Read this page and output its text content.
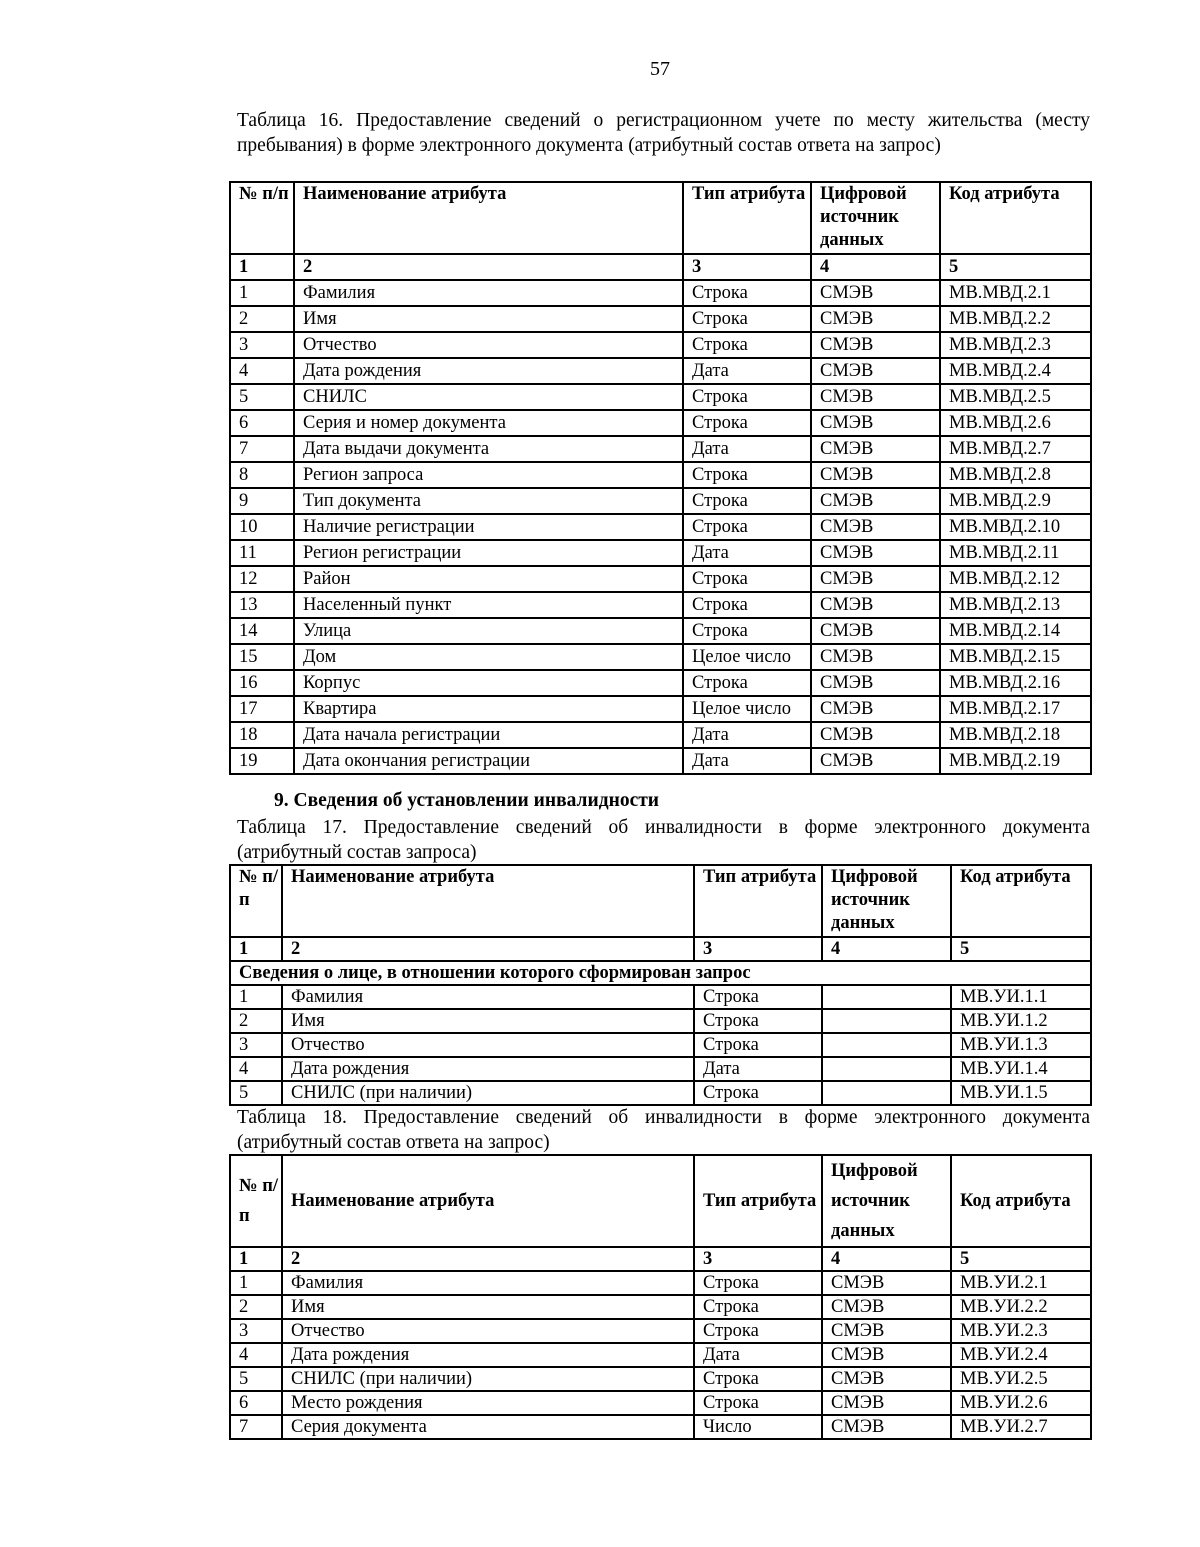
57

Таблица 16. Предоставление сведений о регистрационном учете по месту жительства (месту пребывания) в форме электронного документа (атрибутный состав ответа на запрос)

№ п/п	Наименование атрибута	Тип атрибута	Цифровой источник данных	Код атрибута
1	2	3	4	5
1	Фамилия	Строка	СМЭВ	МВ.МВД.2.1
2	Имя	Строка	СМЭВ	МВ.МВД.2.2
3	Отчество	Строка	СМЭВ	МВ.МВД.2.3
4	Дата рождения	Дата	СМЭВ	МВ.МВД.2.4
5	СНИЛС	Строка	СМЭВ	МВ.МВД.2.5
6	Серия и номер документа	Строка	СМЭВ	МВ.МВД.2.6
7	Дата выдачи документа	Дата	СМЭВ	МВ.МВД.2.7
8	Регион запроса	Строка	СМЭВ	МВ.МВД.2.8
9	Тип документа	Строка	СМЭВ	МВ.МВД.2.9
10	Наличие регистрации	Строка	СМЭВ	МВ.МВД.2.10
11	Регион регистрации	Дата	СМЭВ	МВ.МВД.2.11
12	Район	Строка	СМЭВ	МВ.МВД.2.12
13	Населенный пункт	Строка	СМЭВ	МВ.МВД.2.13
14	Улица	Строка	СМЭВ	МВ.МВД.2.14
15	Дом	Целое число	СМЭВ	МВ.МВД.2.15
16	Корпус	Строка	СМЭВ	МВ.МВД.2.16
17	Квартира	Целое число	СМЭВ	МВ.МВД.2.17
18	Дата начала регистрации	Дата	СМЭВ	МВ.МВД.2.18
19	Дата окончания регистрации	Дата	СМЭВ	МВ.МВД.2.19

9. Сведения об установлении инвалидности

Таблица 17. Предоставление сведений об инвалидности в форме электронного документа (атрибутный состав запроса)

№ п/п	Наименование атрибута	Тип атрибута	Цифровой источник данных	Код атрибута
1	2	3	4	5
Сведения о лице, в отношении которого сформирован запрос				
1	Фамилия	Строка		МВ.УИ.1.1
2	Имя	Строка		МВ.УИ.1.2
3	Отчество	Строка		МВ.УИ.1.3
4	Дата рождения	Дата		МВ.УИ.1.4
5	СНИЛС (при наличии)	Строка		МВ.УИ.1.5

Таблица 18. Предоставление сведений об инвалидности в форме электронного документа (атрибутный состав ответа на запрос)

№ п/п	Наименование атрибута	Тип атрибута	Цифровой источник данных	Код атрибута
1	2	3	4	5
1	Фамилия	Строка	СМЭВ	МВ.УИ.2.1
2	Имя	Строка	СМЭВ	МВ.УИ.2.2
3	Отчество	Строка	СМЭВ	МВ.УИ.2.3
4	Дата рождения	Дата	СМЭВ	МВ.УИ.2.4
5	СНИЛС (при наличии)	Строка	СМЭВ	МВ.УИ.2.5
6	Место рождения	Строка	СМЭВ	МВ.УИ.2.6
7	Серия документа	Число	СМЭВ	МВ.УИ.2.7
